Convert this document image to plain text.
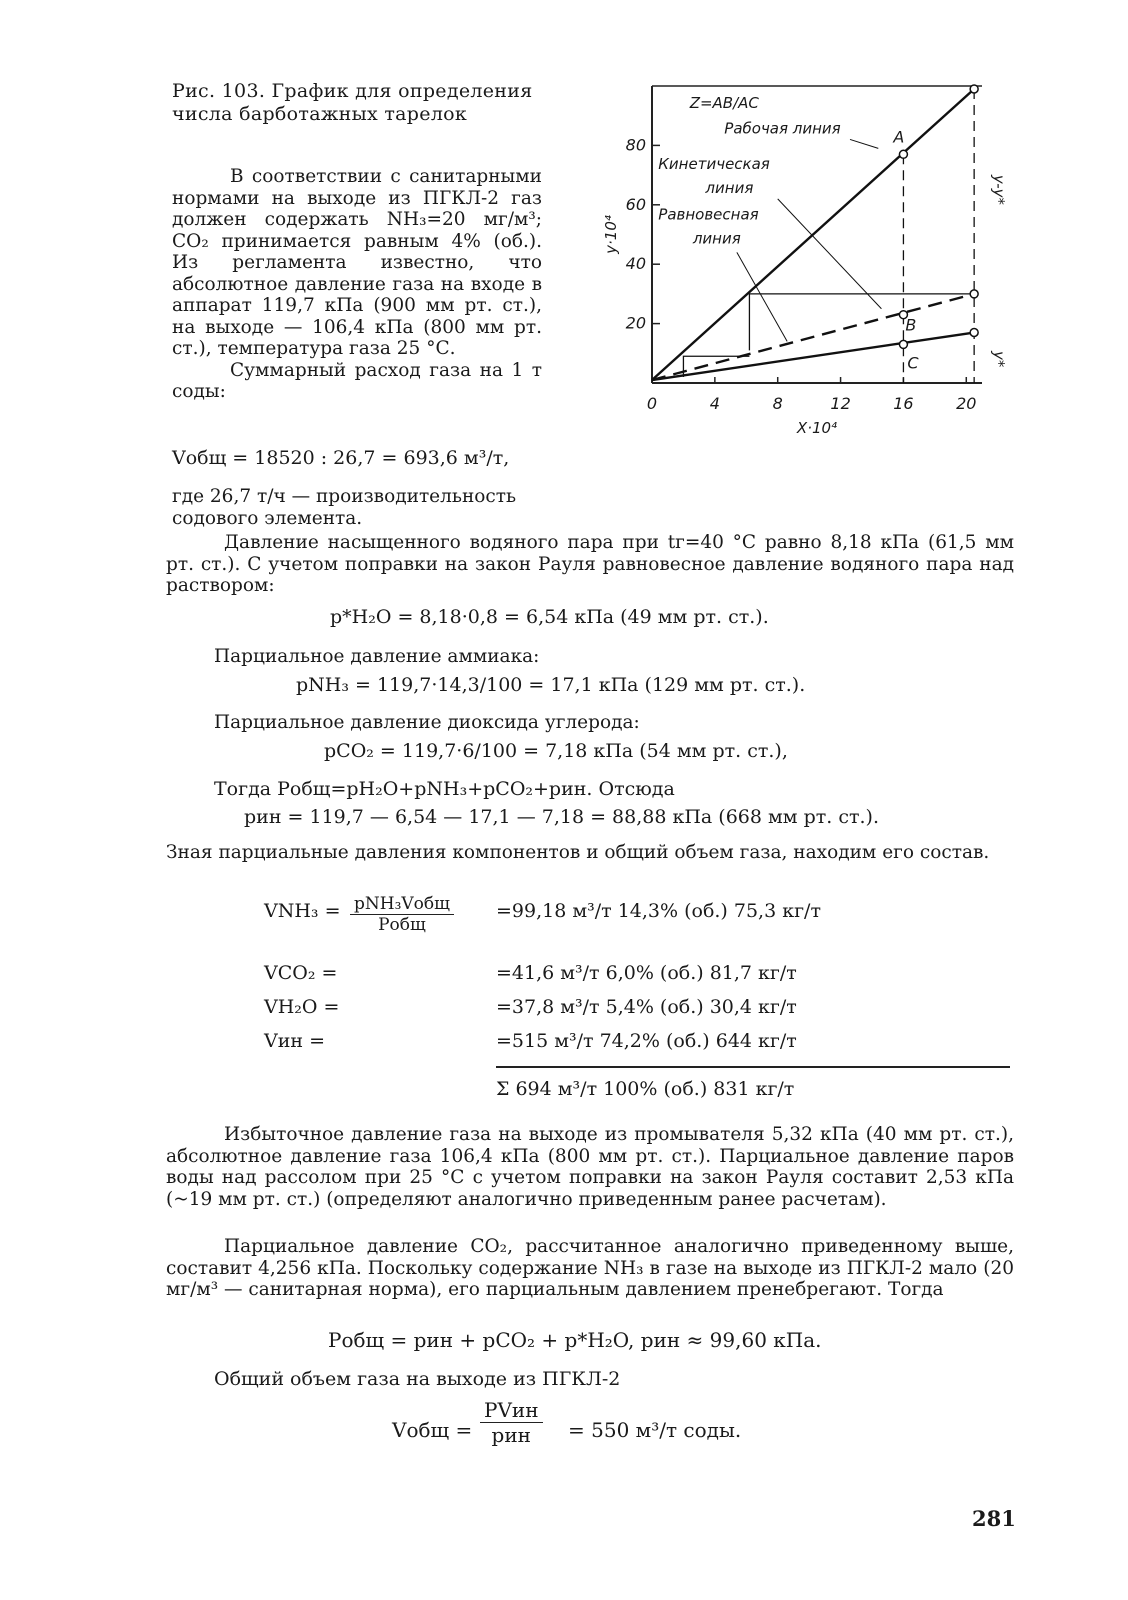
Рис. 103. График для определения числа барботажных тарелок
20
40
60
80
0	4	8	12	16	20
X·10⁴
y·10⁴
Z=AB/AC
A
B
C
Рабочая линия
Кинетическая
линия
Равновесная
линия
y-y*
y*

В соответствии с санитарными нормами на выходе из ПГКЛ-2 газ должен содержать NH₃=20 мг/м³; CO₂ принимается равным 4% (об.). Из регламента известно, что абсолютное давление газа на входе в аппарат 119,7 кПа (900 мм рт. ст.), на выходе — 106,4 кПа (800 мм рт. ст.), температура газа 25 °С.

Суммарный расход газа на 1 т соды:

Vобщ = 18520 : 26,7 = 693,6 м³/т,
где 26,7 т/ч — производительность содового элемента.

Давление насыщенного водяного пара при tг=40 °С равно 8,18 кПа (61,5 мм рт. ст.). С учетом поправки на закон Рауля равновесное давление водяного пара над раствором:

p*H₂O = 8,18·0,8 = 6,54 кПа (49 мм рт. ст.).
Парциальное давление аммиака:
pNH₃ = 119,7·14,3/100 = 17,1 кПа (129 мм рт. ст.).
Парциальное давление диоксида углерода:
pCO₂ = 119,7·6/100 = 7,18 кПа (54 мм рт. ст.),
Тогда Pобщ=pH₂O+pNH₃+pCO₂+pин. Отсюда
pин = 119,7 — 6,54 — 17,1 — 7,18 = 88,88 кПа (668 мм рт. ст.).

Зная парциальные давления компонентов и общий объем газа, находим его состав.

VNH₃ = pNH₃Vобщ
Pобщ
=99,18 м³/т 14,3% (об.) 75,3 кг/т
VCO₂ =	=41,6 м³/т 6,0% (об.) 81,7 кг/т
VH₂O =	=37,8 м³/т 5,4% (об.) 30,4 кг/т
Vин =	=515 м³/т 74,2% (об.) 644 кг/т
Σ 694 м³/т 100% (об.) 831 кг/т

Избыточное давление газа на выходе из промывателя 5,32 кПа (40 мм рт. ст.), абсолютное давление газа 106,4 кПа (800 мм рт. ст.). Парциальное давление паров воды над рассолом при 25 °С с учетом поправки на закон Рауля составит 2,53 кПа (~19 мм рт. ст.) (определяют аналогично приведенным ранее расчетам).

Парциальное давление CO₂, рассчитанное аналогично приведенному выше, составит 4,256 кПа. Поскольку содержание NH₃ в газе на выходе из ПГКЛ-2 мало (20 мг/м³ — санитарная норма), его парциальным давлением пренебрегают. Тогда

Pобщ = pин + pCO₂ + p*H₂O, pин ≈ 99,60 кПа.
Общий объем газа на выходе из ПГКЛ-2
Vобщ =
PVин
pин	= 550 м³/т соды.
281
